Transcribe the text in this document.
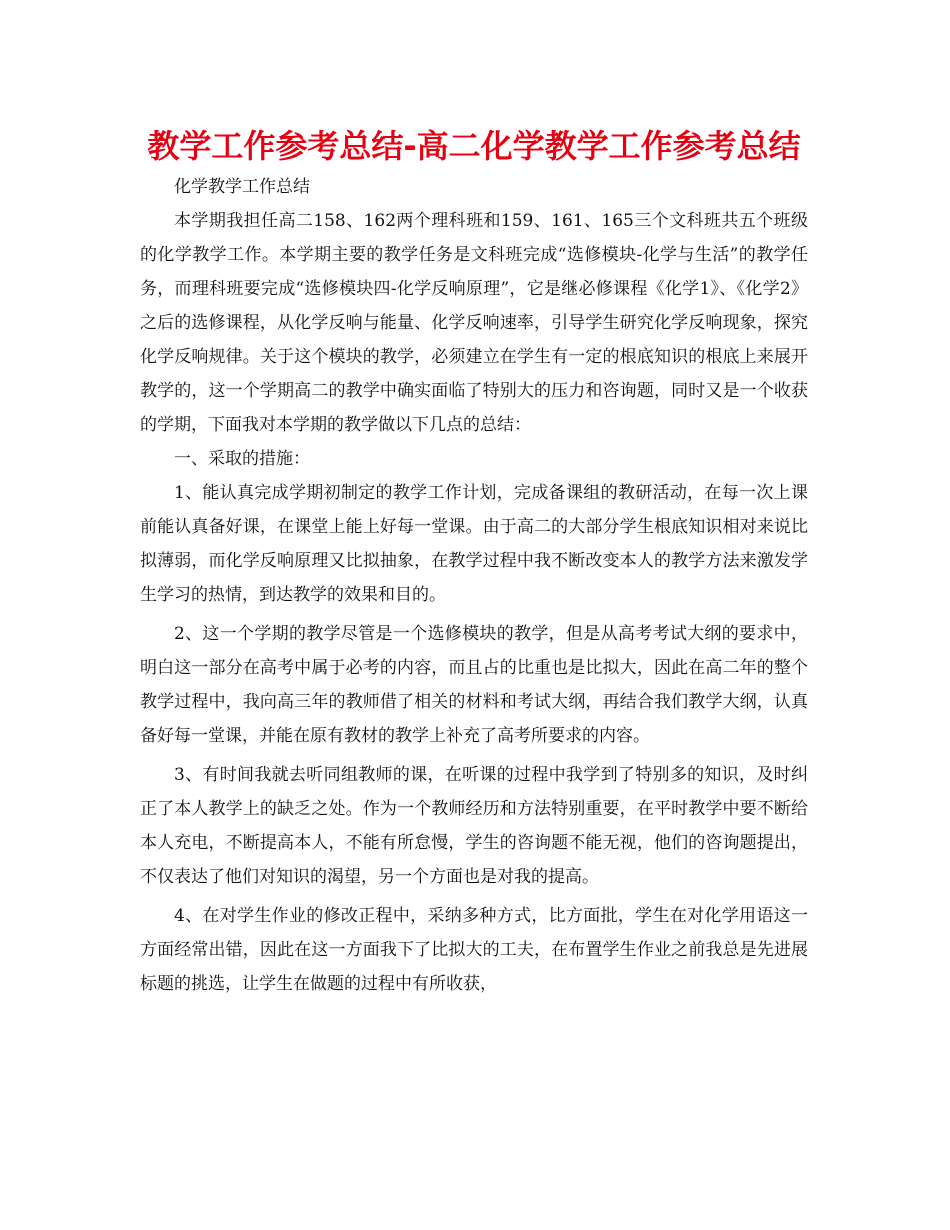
教学工作参考总结-高二化学教学工作参考总结

化学教学工作总结

本学期我担任高二158、162两个理科班和159、161、165三个文科班共五个班级的化学教学工作。本学期主要的教学任务是文科班完成“选修模块-化学与生活”的教学任务，而理科班要完成“选修模块四-化学反响原理”，它是继必修课程《化学1》、《化学2》之后的选修课程，从化学反响与能量、化学反响速率，引导学生研究化学反响现象，探究化学反响规律。关于这个模块的教学，必须建立在学生有一定的根底知识的根底上来展开教学的，这一个学期高二的教学中确实面临了特别大的压力和咨询题，同时又是一个收获的学期，下面我对本学期的教学做以下几点的总结：

一、采取的措施：

1、能认真完成学期初制定的教学工作计划，完成备课组的教研活动，在每一次上课前能认真备好课，在课堂上能上好每一堂课。由于高二的大部分学生根底知识相对来说比拟薄弱，而化学反响原理又比拟抽象，在教学过程中我不断改变本人的教学方法来激发学生学习的热情，到达教学的效果和目的。

2、这一个学期的教学尽管是一个选修模块的教学，但是从高考考试大纲的要求中，明白这一部分在高考中属于必考的内容，而且占的比重也是比拟大，因此在高二年的整个教学过程中，我向高三年的教师借了相关的材料和考试大纲，再结合我们教学大纲，认真备好每一堂课，并能在原有教材的教学上补充了高考所要求的内容。

3、有时间我就去听同组教师的课，在听课的过程中我学到了特别多的知识，及时纠正了本人教学上的缺乏之处。作为一个教师经历和方法特别重要，在平时教学中要不断给本人充电，不断提高本人，不能有所怠慢，学生的咨询题不能无视，他们的咨询题提出，不仅表达了他们对知识的渴望，另一个方面也是对我的提高。

4、在对学生作业的修改正程中，采纳多种方式，比方面批，学生在对化学用语这一方面经常出错，因此在这一方面我下了比拟大的工夫，在布置学生作业之前我总是先进展标题的挑选，让学生在做题的过程中有所收获，
